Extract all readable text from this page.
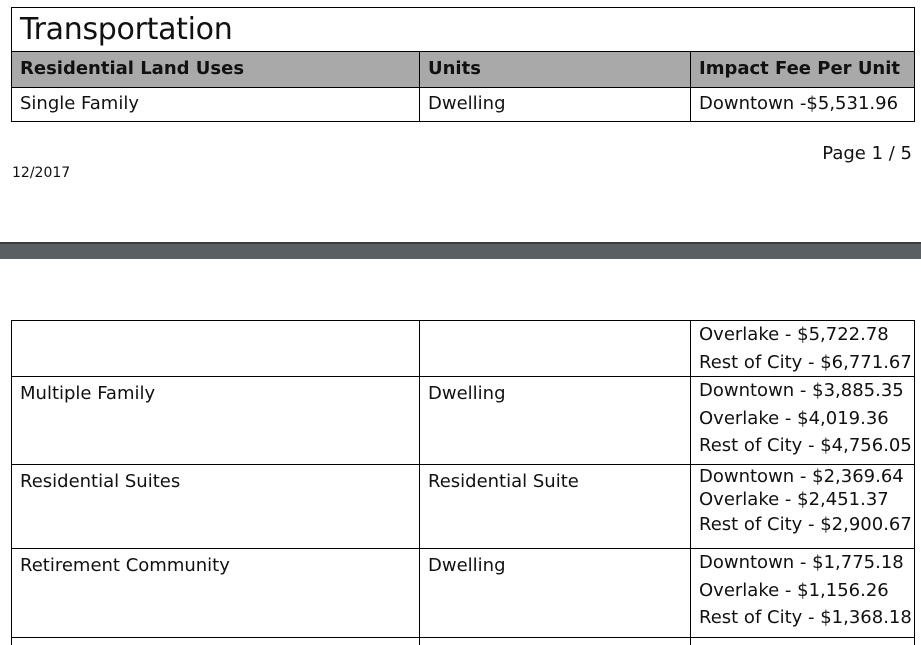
Transportation		
Residential Land Uses	Units	Impact Fee Per Unit
Single Family	Dwelling	Downtown -$5,531.96
Page 1 / 5
12/2017

		Overlake - $5,722.78
Rest of City - $6,771.67

Multiple Family	Dwelling	Downtown - $3,885.35
Overlake - $4,019.36
Rest of City - $4,756.05

Residential Suites	Residential Suite	Downtown - $2,369.64
Overlake - $2,451.37
Rest of City - $2,900.67

Retirement Community	Dwelling	Downtown - $1,775.18
Overlake - $1,156.26
Rest of City - $1,368.18
